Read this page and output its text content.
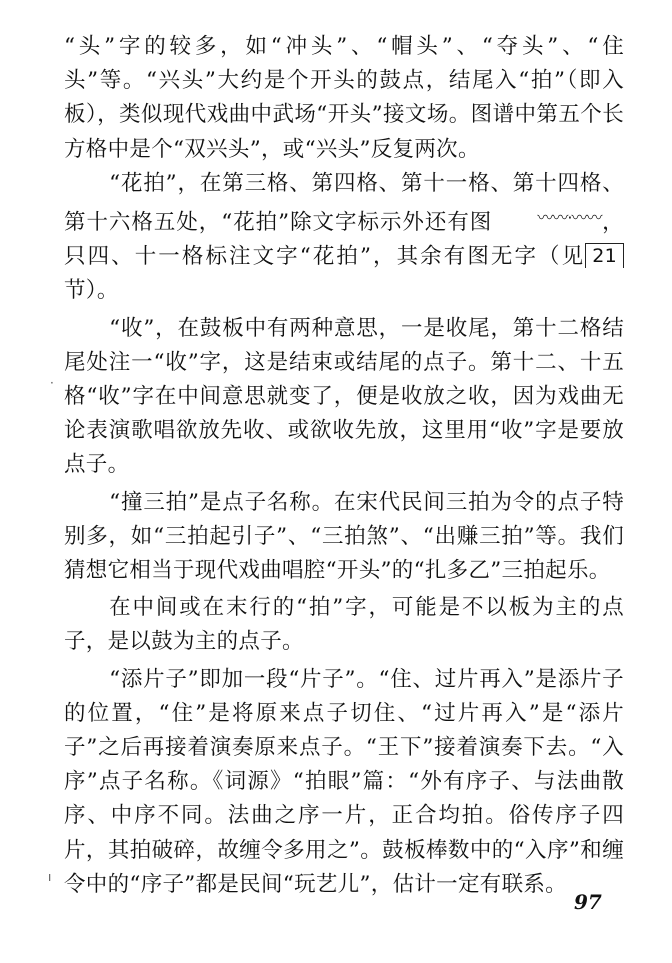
“头”字的较多，如“冲头”、“帽头”、“夺头”、“住头”等。“兴头”大约是个开头的鼓点，结尾入“拍”（即入板），类似现代戏曲中武场“开头”接文场。图谱中第五个长方格中是个“双兴头”，或“兴头”反复两次。

“花拍”，在第三格、第四格、第十一格、第十四格、第十六格五处，“花拍”除文字标示外还有图	〰〰·〰〰，只四、十一格标注文字“花拍”，其余有图无字（见 21节）。

“收”，在鼓板中有两种意思，一是收尾，第十二格结尾处注一“收”字，这是结束或结尾的点子。第十二、十五格“收”字在中间意思就变了，便是收放之收，因为戏曲无论表演歌唱欲放先收、或欲收先放，这里用“收”字是要放点子。

“撞三拍”是点子名称。在宋代民间三拍为令的点子特别多，如“三拍起引子”、“三拍煞”、“出赚三拍”等。我们猜想它相当于现代戏曲唱腔“开头”的“扎多乙”三拍起乐。

在中间或在末行的“拍”字，可能是不以板为主的点子，是以鼓为主的点子。

“添片子”即加一段“片子”。“住、过片再入”是添片子的位置，“住”是将原来点子切住、“过片再入”是“添片子”之后再接着演奏原来点子。“王下”接着演奏下去。“入序”点子名称。《词源》“拍眼”篇：“外有序子、与法曲散序、中序不同。法曲之序一片，正合均拍。俗传序子四片，其拍破碎，故缠令多用之”。鼓板棒数中的“入序”和缠令中的“序子”都是民间“玩艺儿”，估计一定有联系。

97
·
ı
